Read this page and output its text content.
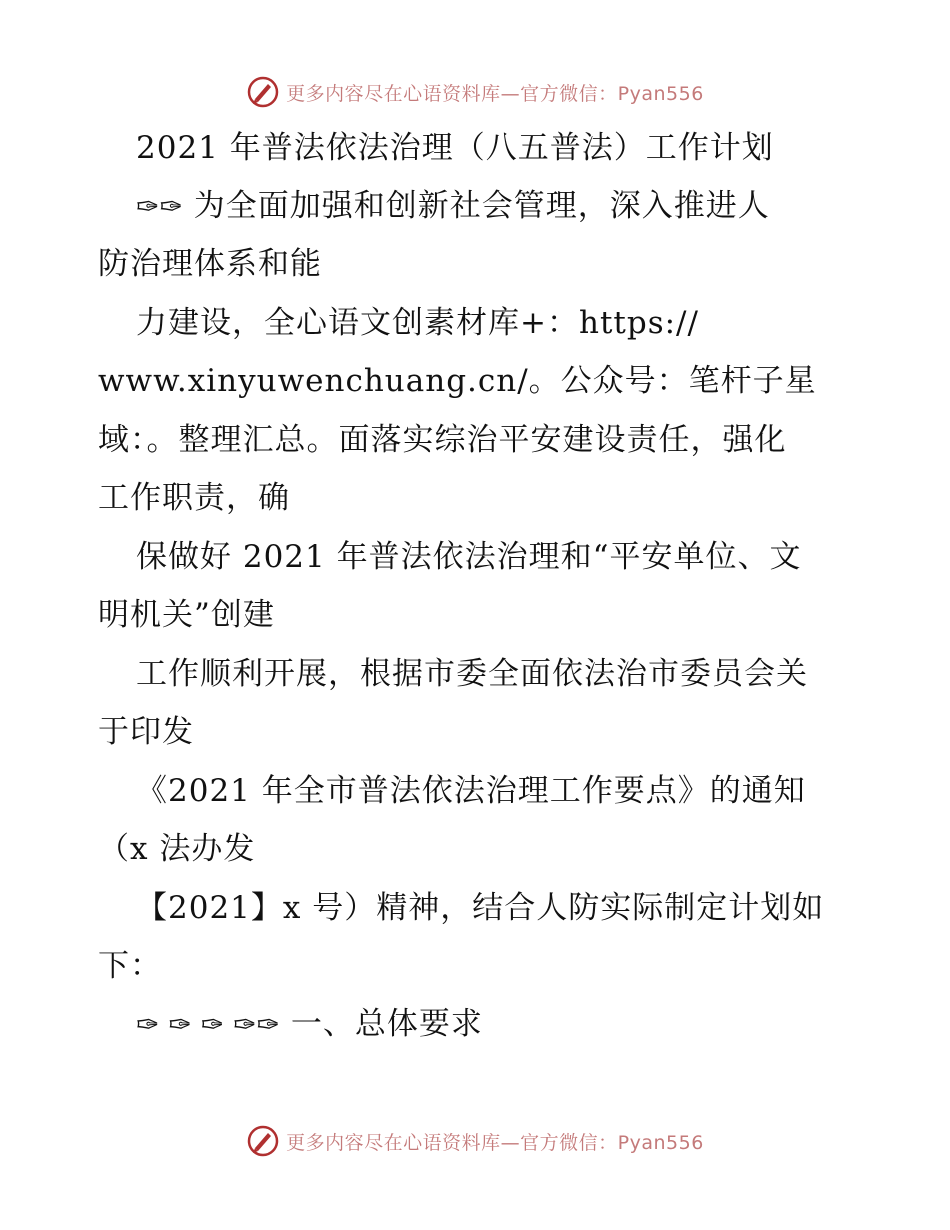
更多内容尽在心语资料库—官方微信：Pyan556
2021 年普法依法治理（八五普法）工作计划
✑✑ 为全面加强和创新社会管理，深入推进人
防治理体系和能
力建设，全心语文创素材库+：https://
www.xinyuwenchuang.cn/。公众号：笔杆子星
域：。整理汇总。面落实综治平安建设责任，强化
工作职责，确
保做好 2021 年普法依法治理和“平安单位、文
明机关”创建
工作顺利开展，根据市委全面依法治市委员会关
于印发
《2021 年全市普法依法治理工作要点》的通知
（x 法办发
【2021】x 号）精神，结合人防实际制定计划如
下：
✑ ✑ ✑ ✑✑ 一、总体要求
更多内容尽在心语资料库—官方微信：Pyan556
